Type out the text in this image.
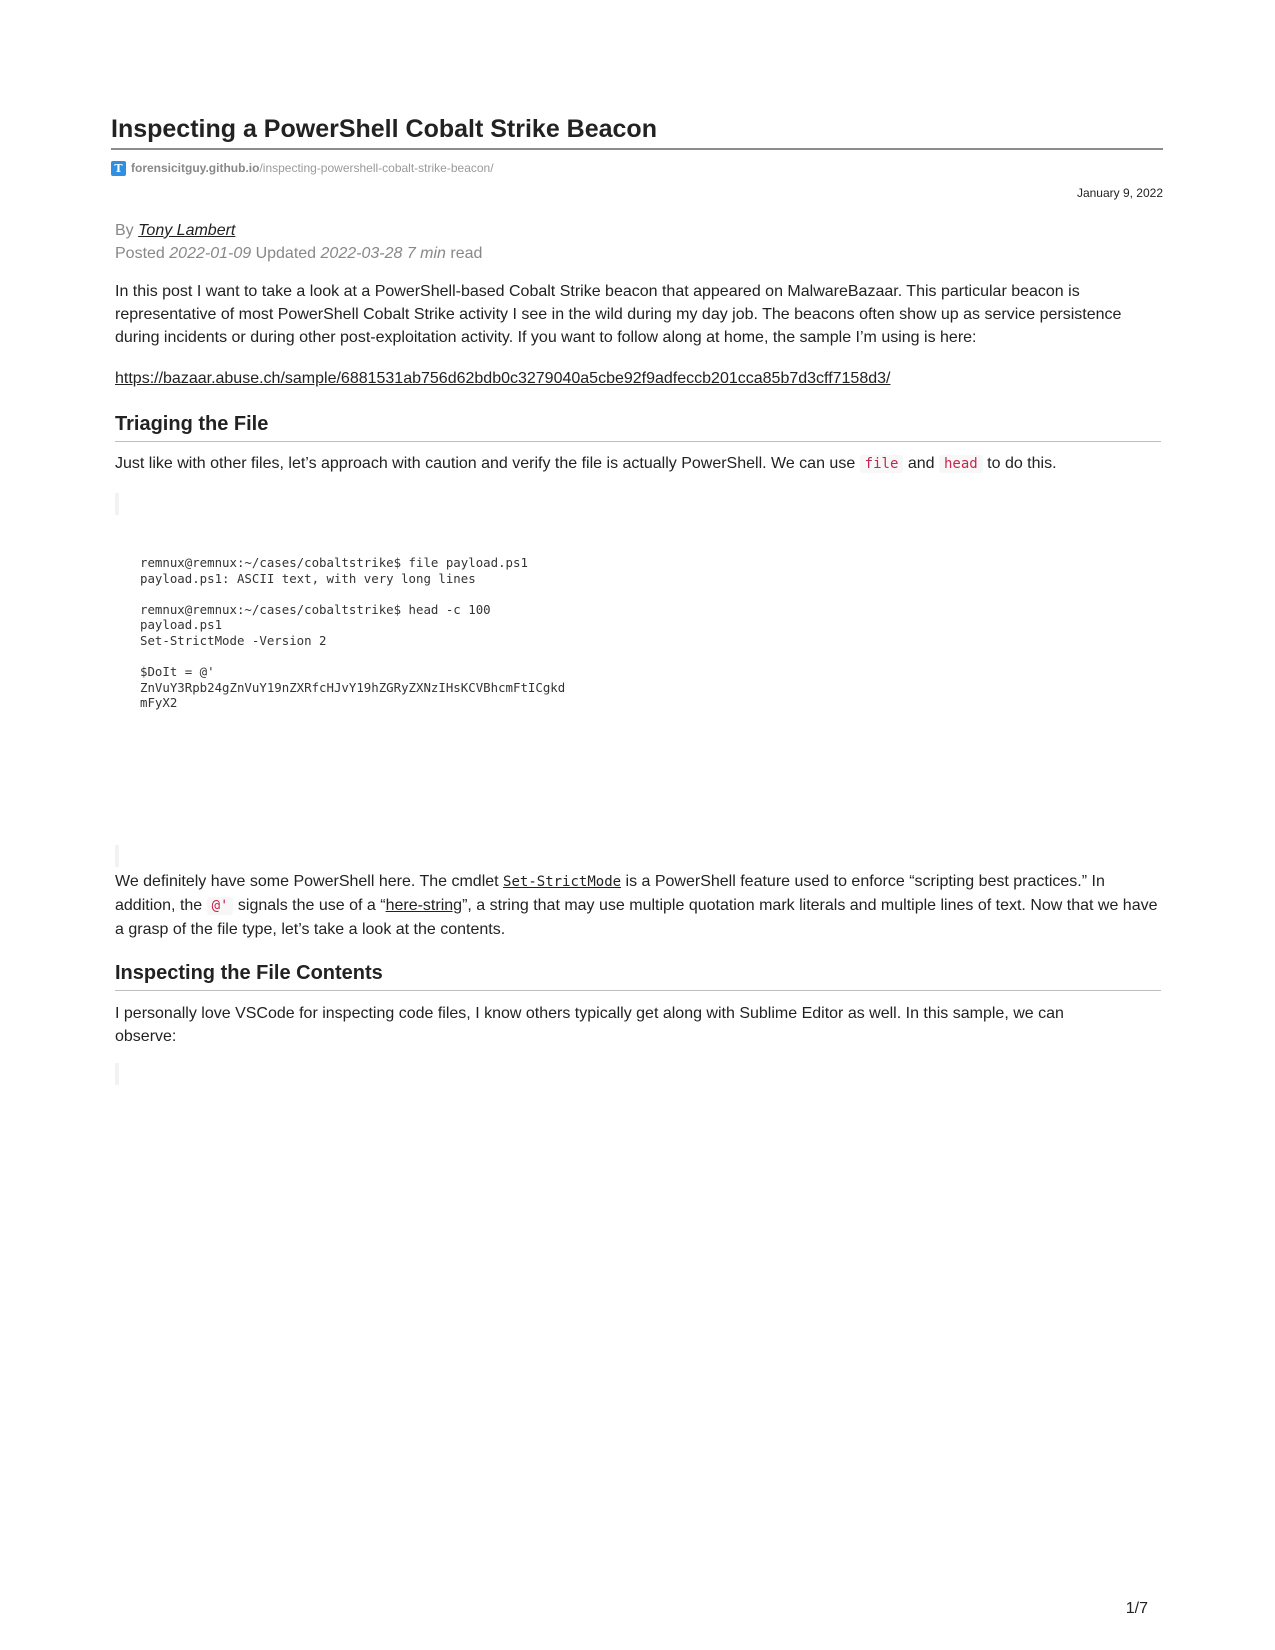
Inspecting a PowerShell Cobalt Strike Beacon
T forensicitguy.github.io /inspecting-powershell-cobalt-strike-beacon/
January 9, 2022
By Tony Lambert
Posted 2022-01-09 Updated 2022-03-28 7 min read

In this post I want to take a look at a PowerShell-based Cobalt Strike beacon that appeared on MalwareBazaar. This particular beacon is representative of most PowerShell Cobalt Strike activity I see in the wild during my day job. The beacons often show up as service persistence during incidents or during other post-exploitation activity. If you want to follow along at home, the sample I’m using is here:

https://bazaar.abuse.ch/sample/6881531ab756d62bdb0c3279040a5cbe92f9adfeccb201cca85b7d3cff7158d3/

Triaging the File

Just like with other files, let’s approach with caution and verify the file is actually PowerShell. We can use file and head to do this.

remnux@remnux:~/cases/cobaltstrike$ file payload.ps1
payload.ps1: ASCII text, with very long lines

remnux@remnux:~/cases/cobaltstrike$ head -c 100
payload.ps1
Set-StrictMode -Version 2

$DoIt = @'
ZnVuY3Rpb24gZnVuY19nZXRfcHJvY19hZGRyZXNzIHsKCVBhcmFtICgkd
mFyX2

We definitely have some PowerShell here. The cmdlet Set-StrictMode is a PowerShell feature used to enforce “scripting best practices.” In addition, the @' signals the use of a “here-string”, a string that may use multiple quotation mark literals and multiple lines of text. Now that we have a grasp of the file type, let’s take a look at the contents.

Inspecting the File Contents

I personally love VSCode for inspecting code files, I know others typically get along with Sublime Editor as well. In this sample, we can observe:

1/7
